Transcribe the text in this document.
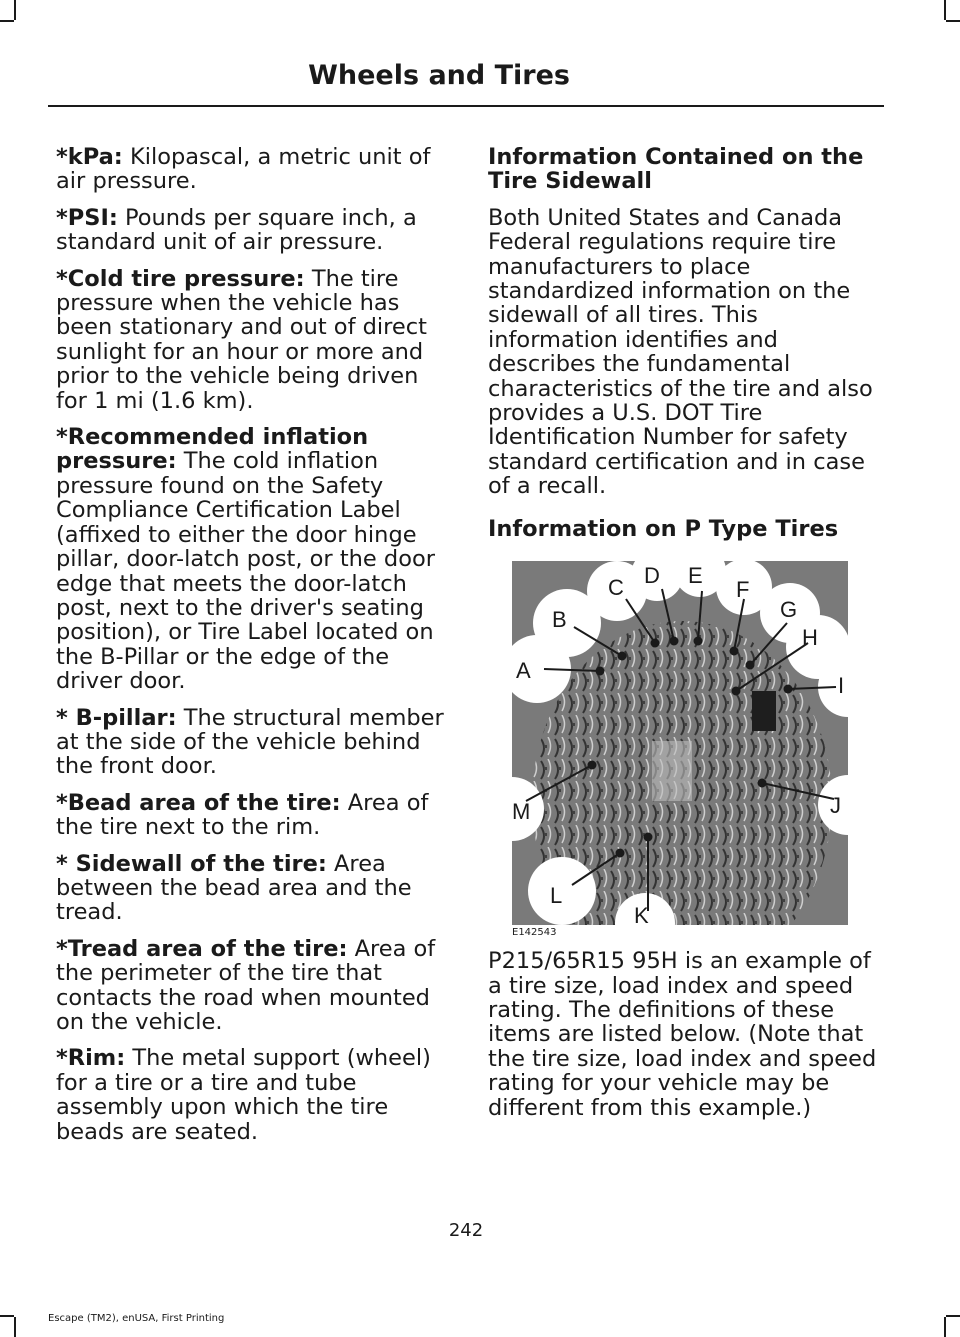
Wheels and Tires

*kPa: Kilopascal, a metric unit of air pressure.

*PSI: Pounds per square inch, a standard unit of air pressure.

*Cold tire pressure: The tire pressure when the vehicle has been stationary and out of direct sunlight for an hour or more and prior to the vehicle being driven for 1 mi (1.6 km).

*Recommended inflation pressure: The cold inflation pressure found on the Safety Compliance Certification Label (affixed to either the door hinge pillar, door-latch post, or the door edge that meets the door-latch post, next to the driver's seating position), or Tire Label located on the B-Pillar or the edge of the driver door.

* B-pillar: The structural member at the side of the vehicle behind the front door.

*Bead area of the tire: Area of the tire next to the rim.

* Sidewall of the tire: Area between the bead area and the tread.

*Tread area of the tire: Area of the perimeter of the tire that contacts the road when mounted on the vehicle.

*Rim: The metal support (wheel) for a tire or a tire and tube assembly upon which the tire beads are seated.

Information Contained on the Tire Sidewall

Both United States and Canada Federal regulations require tire manufacturers to place standardized information on the sidewall of all tires. This information identifies and describes the fundamental characteristics of the tire and also provides a U.S. DOT Tire Identification Number for safety standard certification and in case of a recall.

Information on P Type Tires
A
B
C D E
F
G
H
I
J
K
L
M
E142543

P215/65R15 95H is an example of a tire size, load index and speed rating. The definitions of these items are listed below. (Note that the tire size, load index and speed rating for your vehicle may be different from this example.)

242
Escape (TM2), enUSA, First Printing
